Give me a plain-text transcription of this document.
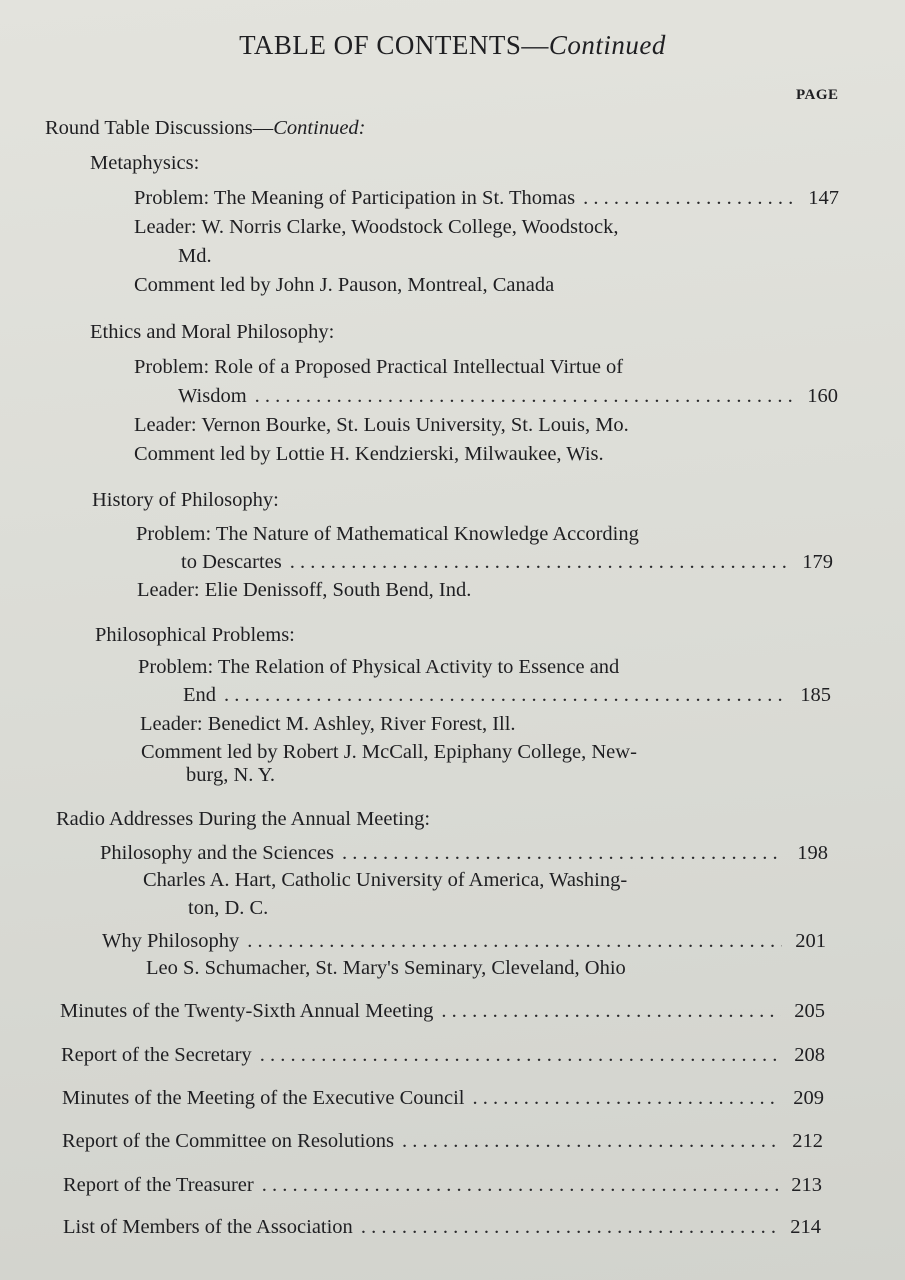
TABLE OF CONTENTS—Continued
PAGE
Round Table Discussions—Continued:
Metaphysics:
Problem: The Meaning of Participation in St. Thomas . . .	147
Leader: W. Norris Clarke, Woodstock College, Woodstock,
Md.
Comment led by John J. Pauson, Montreal, Canada
Ethics and Moral Philosophy:
Problem: Role of a Proposed Practical Intellectual Virtue of
Wisdom . . .	160
Leader: Vernon Bourke, St. Louis University, St. Louis, Mo.
Comment led by Lottie H. Kendzierski, Milwaukee, Wis.
History of Philosophy:
Problem: The Nature of Mathematical Knowledge According
to Descartes . . .	179
Leader: Elie Denissoff, South Bend, Ind.
Philosophical Problems:
Problem: The Relation of Physical Activity to Essence and
End . . .	185
Leader: Benedict M. Ashley, River Forest, Ill.
Comment led by Robert J. McCall, Epiphany College, New-
burg, N. Y.
Radio Addresses During the Annual Meeting:
Philosophy and the Sciences . . .	198
Charles A. Hart, Catholic University of America, Washing-
ton, D. C.
Why Philosophy . . .	201
Leo S. Schumacher, St. Mary's Seminary, Cleveland, Ohio
Minutes of the Twenty-Sixth Annual Meeting . . .	205
Report of the Secretary . . .	208
Minutes of the Meeting of the Executive Council . . .	209
Report of the Committee on Resolutions . . .	212
Report of the Treasurer . . .	213
List of Members of the Association . . .	214
